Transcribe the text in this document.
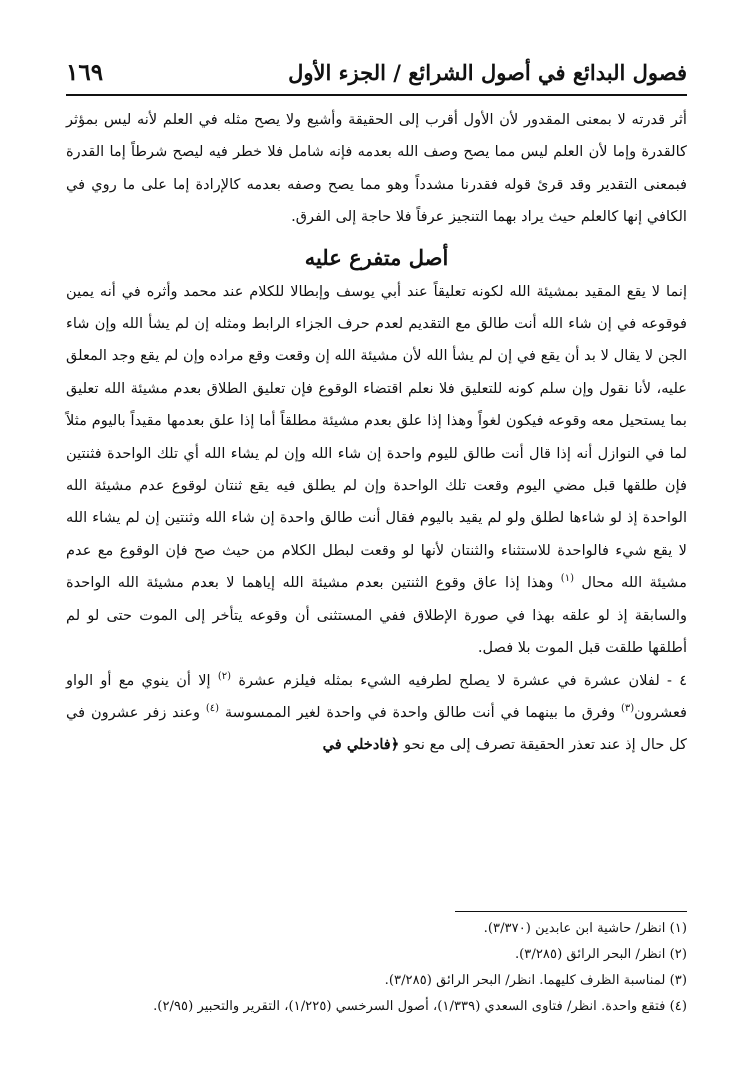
١٦٩	فصول البدائع في أصول الشرائع / الجزء الأول

أثر قدرته لا بمعنى المقدور لأن الأول أقرب إلى الحقيقة وأشيع ولا يصح مثله في العلم لأنه ليس بمؤثر كالقدرة وإما لأن العلم ليس مما يصح وصف الله بعدمه فإنه شامل فلا خطر فيه ليصح شرطاً إما القدرة فبمعنى التقدير وقد قرئ قوله فقدرنا مشدداً وهو مما يصح وصفه بعدمه كالإرادة إما على ما روي في الكافي إنها كالعلم حيث يراد بهما التنجيز عرفاً فلا حاجة إلى الفرق.

أصل متفرع عليه

إنما لا يقع المقيد بمشيئة الله لكونه تعليقاً عند أبي يوسف وإبطالا للكلام عند محمد وأثره في أنه يمين فوقوعه في إن شاء الله أنت طالق مع التقديم لعدم حرف الجزاء الرابط ومثله إن لم يشأ الله وإن شاء الجن لا يقال لا بد أن يقع في إن لم يشأ الله لأن مشيئة الله إن وقعت وقع مراده وإن لم يقع وجد المعلق عليه، لأنا نقول وإن سلم كونه للتعليق فلا نعلم اقتضاء الوقوع فإن تعليق الطلاق بعدم مشيئة الله تعليق بما يستحيل معه وقوعه فيكون لغواً وهذا إذا علق بعدم مشيئة مطلقاً أما إذا علق بعدمها مقيداً باليوم مثلاً لما في النوازل أنه إذا قال أنت طالق لليوم واحدة إن شاء الله وإن لم يشاء الله أي تلك الواحدة فثنتين فإن طلقها قبل مضي اليوم وقعت تلك الواحدة وإن لم يطلق فيه يقع ثنتان لوقوع عدم مشيئة الله الواحدة إذ لو شاءها لطلق ولو لم يقيد باليوم فقال أنت طالق واحدة إن شاء الله وثنتين إن لم يشاء الله لا يقع شيء فالواحدة للاستثناء والثنتان لأنها لو وقعت لبطل الكلام من حيث صح فإن الوقوع مع عدم مشيئة الله محال $^{(١)}$ وهذا إذا عاق وقوع الثنتين بعدم مشيئة الله إياهما لا بعدم مشيئة الله الواحدة والسابقة إذ لو علقه بهذا في صورة الإطلاق ففي المستثنى أن وقوعه يتأخر إلى الموت حتى لو لم أطلقها طلقت قبل الموت بلا فصل.

٤ - لفلان عشرة في عشرة لا يصلح لطرفيه الشيء بمثله فيلزم عشرة $^{(٢)}$ إلا أن ينوي مع أو الواو فعشرون$^{(٣)}$ وفرق ما بينهما في أنت طالق واحدة في واحدة لغير الممسوسة $^{(٤)}$ وعند زفر عشرون في كل حال إذ عند تعذر الحقيقة تصرف إلى مع نحو ﴿فادخلي في

(١) انظر/ حاشية ابن عابدين (٣/٣٧٠).

(٢) انظر/ البحر الرائق (٣/٢٨٥).

(٣) لمناسبة الظرف كليهما. انظر/ البحر الرائق (٣/٢٨٥).

(٤) فتقع واحدة. انظر/ فتاوى السعدي (١/٣٣٩)، أصول السرخسي (١/٢٢٥)، التقرير والتحبير (٢/٩٥).
